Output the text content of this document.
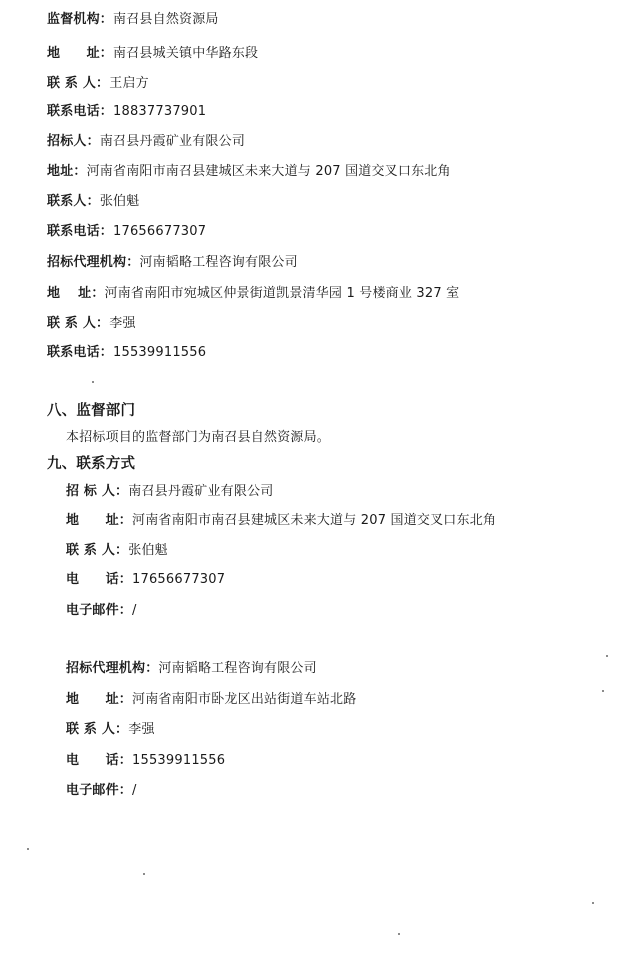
监督机构：南召县自然资源局
地　　址：南召县城关镇中华路东段
联 系 人：王启方
联系电话：18837737901
招标人：南召县丹霞矿业有限公司
地址：河南省南阳市南召县建城区未来大道与 207 国道交叉口东北角
联系人：张伯魁
联系电话：17656677307
招标代理机构：河南韬略工程咨询有限公司
地　 址：河南省南阳市宛城区仲景街道凯景清华园 1 号楼商业 327 室
联 系 人：李强
联系电话：15539911556
八、监督部门
本招标项目的监督部门为南召县自然资源局。
九、联系方式
招 标 人：南召县丹霞矿业有限公司
地　　址：河南省南阳市南召县建城区未来大道与 207 国道交叉口东北角
联 系 人：张伯魁
电　　话：17656677307
电子邮件：/
招标代理机构：河南韬略工程咨询有限公司
地　　址：河南省南阳市卧龙区出站街道车站北路
联 系 人：李强
电　　话：15539911556
电子邮件：/
